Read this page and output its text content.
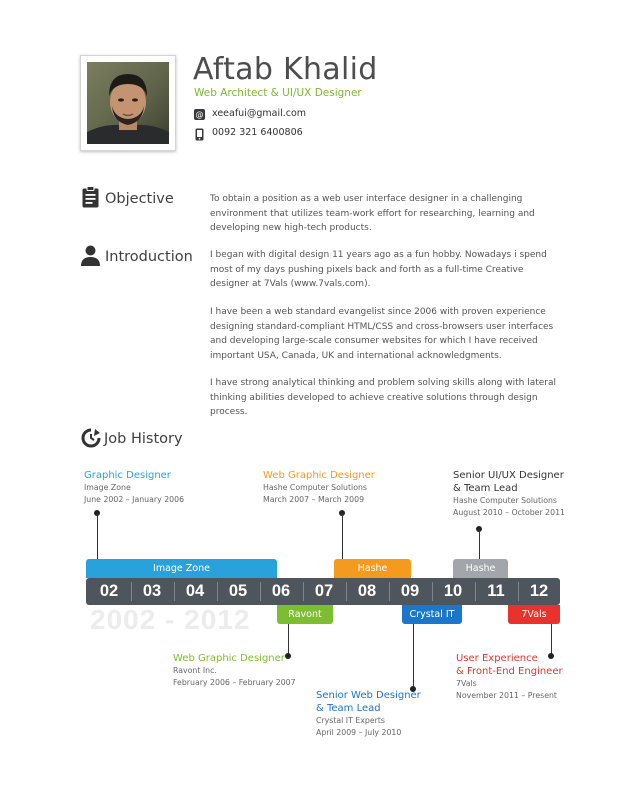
Aftab Khalid
Web Architect & UI/UX Designer
@ xeeafui@gmail.com
0092 321 6400806
Objective	To obtain a position as a web user interface designer in a challenging environment that utilizes team-work effort for researching, learning and developing new high-tech products.
Introduction I began with digital design 11 years ago as a fun hobby. Nowadays i spend most of my days pushing pixels back and forth as a full-time Creative designer at 7Vals (www.7vals.com).
I have been a web standard evangelist since 2006 with proven experience designing standard-compliant HTML/CSS and cross-browsers user interfaces and developing large-scale consumer websites for which I have received important USA, Canada, UK and international acknowledgments.
I have strong analytical thinking and problem solving skills along with lateral thinking abilities developed to achieve creative solutions through design process.
Job History
Graphic Designer
Image Zone
June 2002 – January 2006
Web Graphic Designer
Hashe Computer Solutions
March 2007 – March 2009
Senior UI/UX Designer
& Team Lead
Hashe Computer Solutions
August 2010 – October 2011
Image Zone	Hashe	Hashe
02	03	04	05	06	07	08	09	10	11	12
Ravont	Crystal IT	7Vals
2002 - 2012
Web Graphic Designer
Ravont Inc.
February 2006 – February 2007
Senior Web Designer
& Team Lead
Crystal IT Experts
April 2009 – July 2010
User Experience
& Front-End Engineer
7Vals
November 2011 – Present
